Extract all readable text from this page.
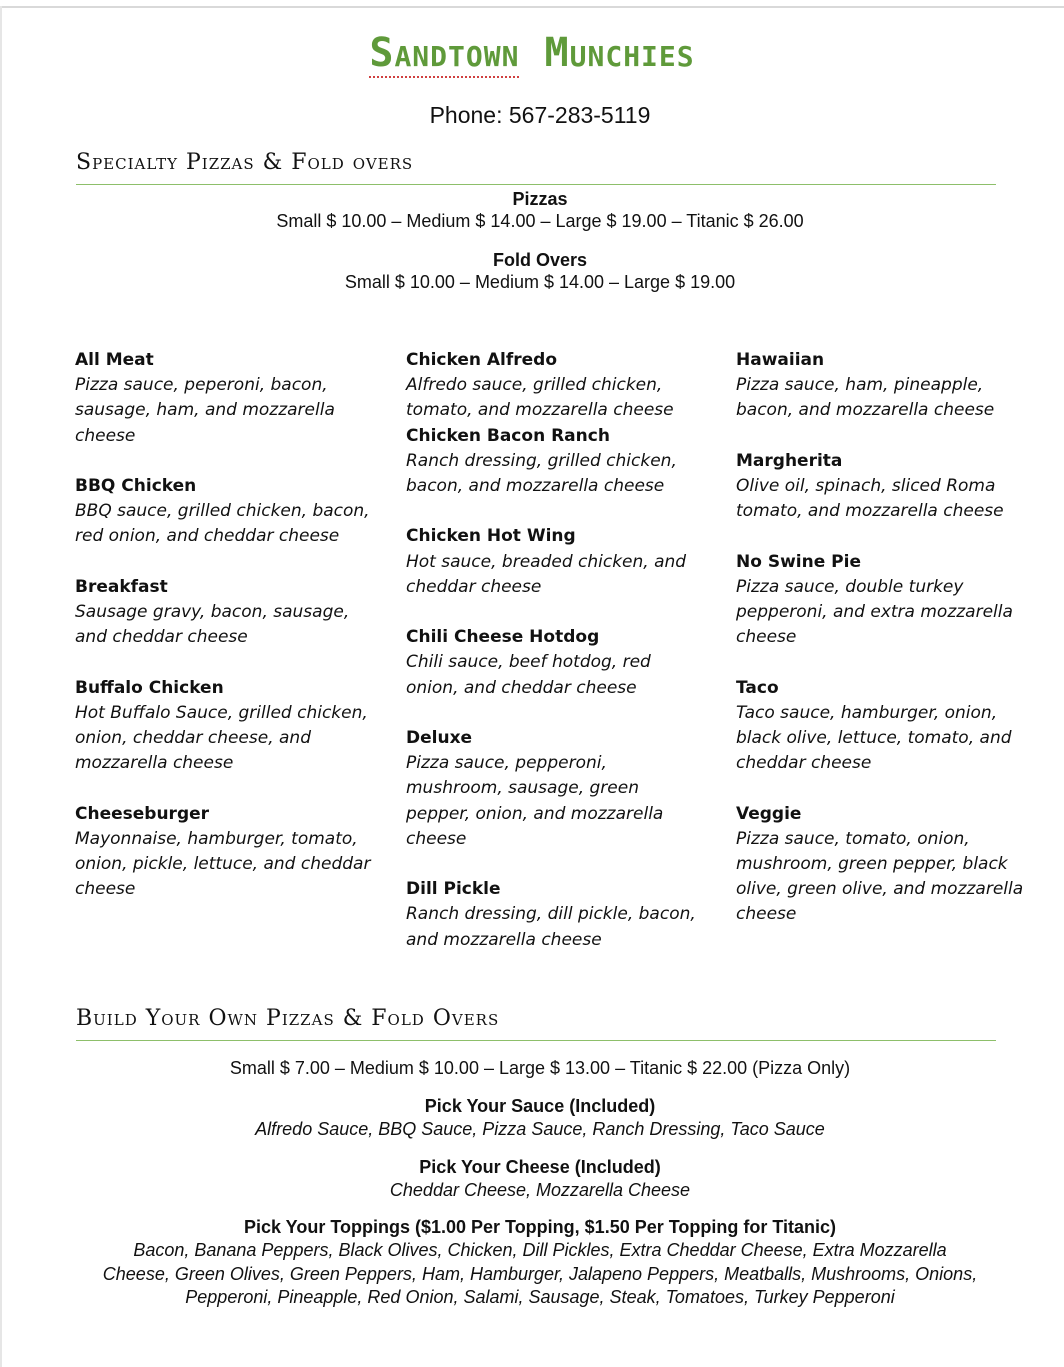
Sandtown Munchies
Phone: 567-283-5119
Specialty Pizzas & Fold overs
Pizzas
Small $ 10.00 – Medium $ 14.00 – Large $ 19.00 – Titanic $ 26.00
Fold Overs
Small $ 10.00 – Medium $ 14.00 – Large $ 19.00
All Meat
Pizza sauce, peperoni, bacon, sausage, ham, and mozzarella cheese
BBQ Chicken
BBQ sauce, grilled chicken, bacon, red onion, and cheddar cheese
Breakfast
Sausage gravy, bacon, sausage, and cheddar cheese
Buffalo Chicken
Hot Buffalo Sauce, grilled chicken, onion, cheddar cheese, and mozzarella cheese
Cheeseburger
Mayonnaise, hamburger, tomato, onion, pickle, lettuce, and cheddar cheese
Chicken Alfredo
Alfredo sauce, grilled chicken, tomato, and mozzarella cheese
Chicken Bacon Ranch
Ranch dressing, grilled chicken, bacon, and mozzarella cheese
Chicken Hot Wing
Hot sauce, breaded chicken, and cheddar cheese
Chili Cheese Hotdog
Chili sauce, beef hotdog, red onion, and cheddar cheese
Deluxe
Pizza sauce, pepperoni, mushroom, sausage, green pepper, onion, and mozzarella cheese
Dill Pickle
Ranch dressing, dill pickle, bacon, and mozzarella cheese
Hawaiian
Pizza sauce, ham, pineapple, bacon, and mozzarella cheese
Margherita
Olive oil, spinach, sliced Roma tomato, and mozzarella cheese
No Swine Pie
Pizza sauce, double turkey pepperoni, and extra mozzarella cheese
Taco
Taco sauce, hamburger, onion, black olive, lettuce, tomato, and cheddar cheese
Veggie
Pizza sauce, tomato, onion, mushroom, green pepper, black olive, green olive, and mozzarella cheese
Build Your Own Pizzas & Fold Overs
Small $ 7.00 – Medium $ 10.00 – Large $ 13.00 – Titanic $ 22.00 (Pizza Only)
Pick Your Sauce (Included)
Alfredo Sauce, BBQ Sauce, Pizza Sauce, Ranch Dressing, Taco Sauce
Pick Your Cheese (Included)
Cheddar Cheese, Mozzarella Cheese
Pick Your Toppings ($1.00 Per Topping, $1.50 Per Topping for Titanic)
Bacon, Banana Peppers, Black Olives, Chicken, Dill Pickles, Extra Cheddar Cheese, Extra Mozzarella
Cheese, Green Olives, Green Peppers, Ham, Hamburger, Jalapeno Peppers, Meatballs, Mushrooms, Onions,
Pepperoni, Pineapple, Red Onion, Salami, Sausage, Steak, Tomatoes, Turkey Pepperoni
